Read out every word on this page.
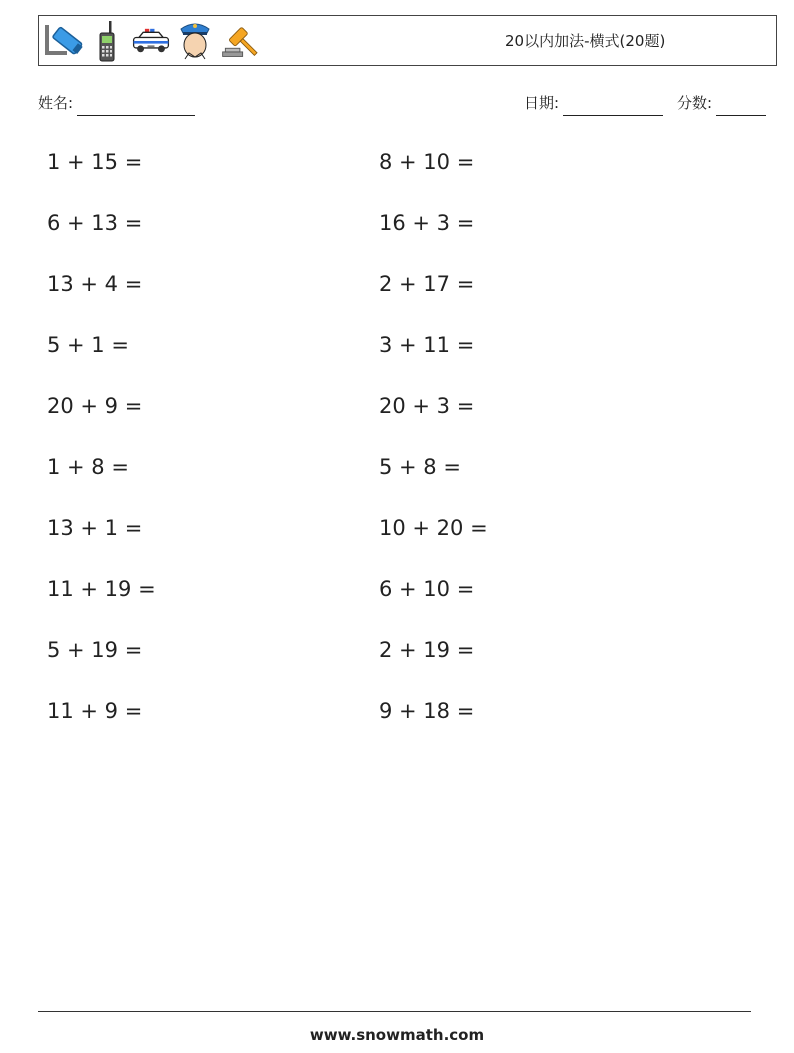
20以内加法-横式(20题)
姓名:	日期:	分数:
1 + 15 =
6 + 13 =
13 + 4 =
5 + 1 =
20 + 9 =
1 + 8 =
13 + 1 =
11 + 19 =
5 + 19 =
11 + 9 =
8 + 10 =
16 + 3 =
2 + 17 =
3 + 11 =
20 + 3 =
5 + 8 =
10 + 20 =
6 + 10 =
2 + 19 =
9 + 18 =
www.snowmath.com
